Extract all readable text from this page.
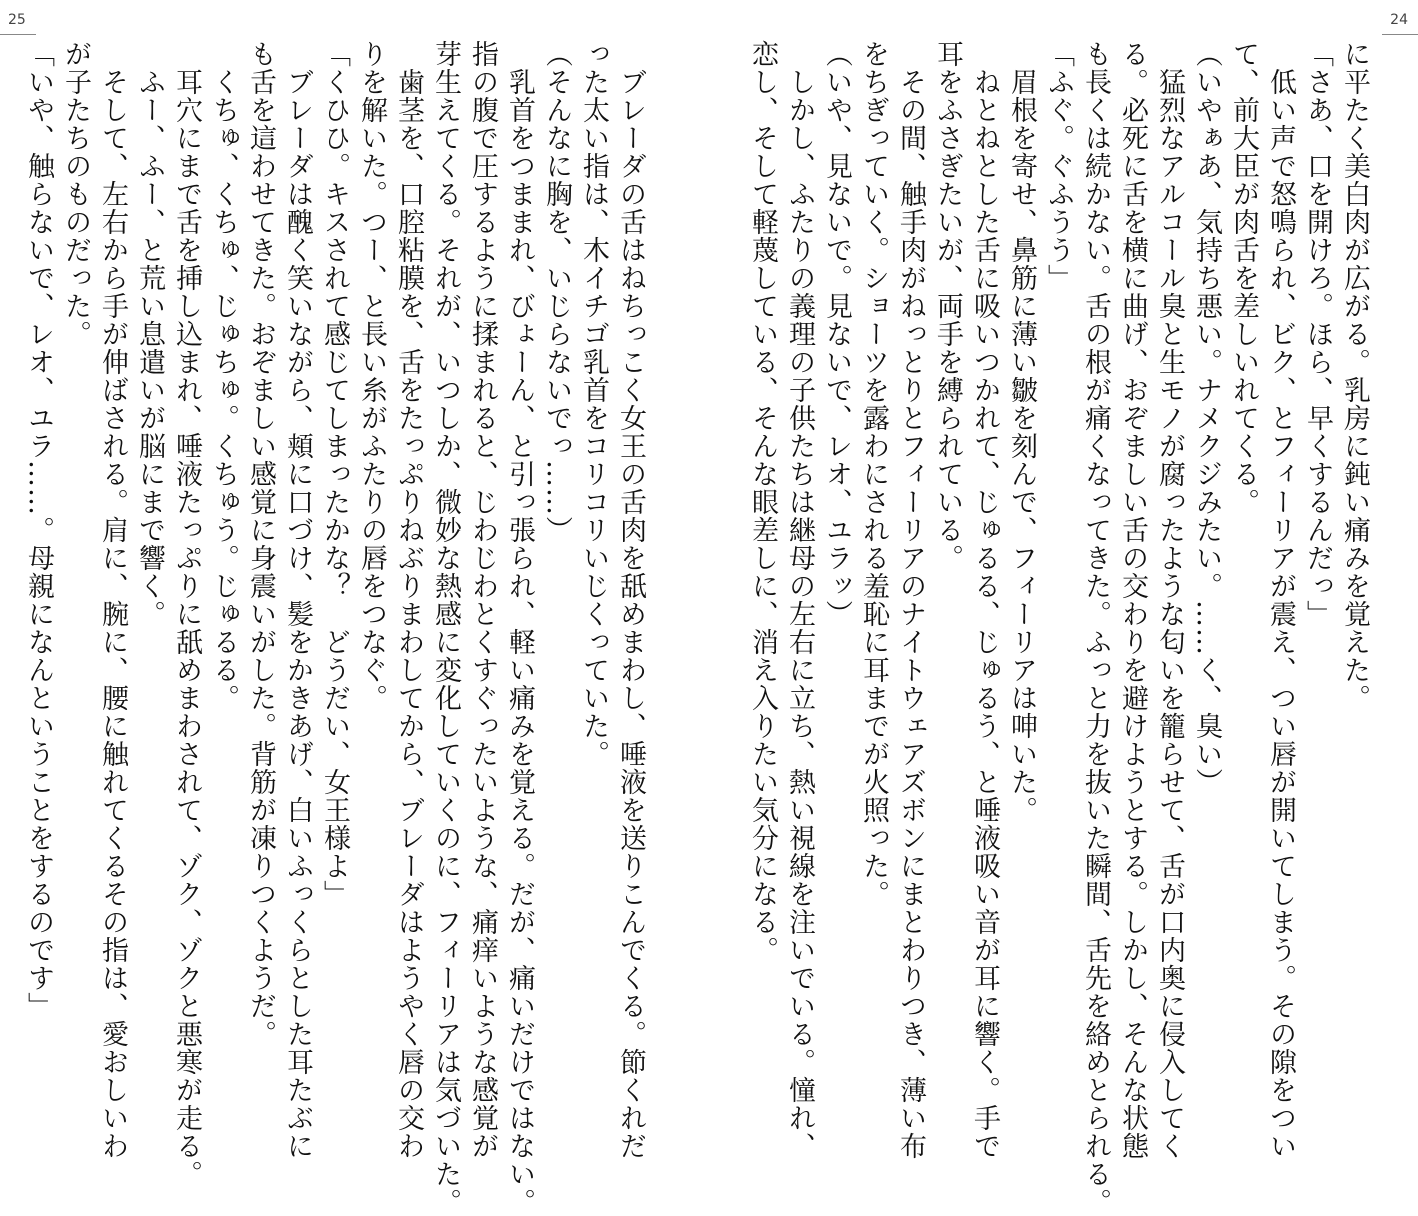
25
　ブレーダの舌はねちっこく女王の舌肉を舐めまわし、唾液を送りこんでくる。節くれだ
った太い指は、木イチゴ乳首をコリコリいじくっていた。
（そんなに胸を、いじらないでっ……）
　乳首をつままれ、びょーん、と引っ張られ、軽い痛みを覚える。だが、痛いだけではない。
指の腹で圧するように揉まれると、じわじわとくすぐったいような、痛痒いような感覚が
芽生えてくる。それが、いつしか、微妙な熱感に変化していくのに、フィーリアは気づいた。
　歯茎を、口腔粘膜を、舌をたっぷりねぶりまわしてから、ブレーダはようやく唇の交わ
りを解いた。つー、と長い糸がふたりの唇をつなぐ。
「くひひ。キスされて感じてしまったかな？　どうだい、女王様よ」
　ブレーダは醜く笑いながら、頬に口づけ、髪をかきあげ、白いふっくらとした耳たぶに
も舌を這わせてきた。おぞましい感覚に身震いがした。背筋が凍りつくようだ。
　くちゅ、くちゅ、じゅちゅ。くちゅう。じゅるる。
　耳穴にまで舌を挿し込まれ、唾液たっぷりに舐めまわされて、ゾク、ゾクと悪寒が走る。
　ふー、ふー、と荒い息遣いが脳にまで響く。
　そして、左右から手が伸ばされる。肩に、腕に、腰に触れてくるその指は、愛おしいわ
が子たちのものだった。
「いや、触らないで、レオ、ユラ……。母親になんということをするのです」
24
に平たく美白肉が広がる。乳房に鈍い痛みを覚えた。
「さあ、口を開けろ。ほら、早くするんだっ」
　低い声で怒鳴られ、ビク、とフィーリアが震え、つい唇が開いてしまう。その隙をつい
て、前大臣が肉舌を差しいれてくる。
（いやぁあ、気持ち悪い。ナメクジみたい。……く、臭い）
　猛烈なアルコール臭と生モノが腐ったような匂いを籠らせて、舌が口内奥に侵入してく
る。必死に舌を横に曲げ、おぞましい舌の交わりを避けようとする。しかし、そんな状態
も長くは続かない。舌の根が痛くなってきた。ふっと力を抜いた瞬間、舌先を絡めとられる。
「ふぐ。ぐふうう」
　眉根を寄せ、鼻筋に薄い皺を刻んで、フィーリアは呻いた。
　ねとねとした舌に吸いつかれて、じゅるる、じゅるう、と唾液吸い音が耳に響く。手で
耳をふさぎたいが、両手を縛られている。
　その間、触手肉がねっとりとフィーリアのナイトウェアズボンにまとわりつき、薄い布
をちぎっていく。ショーツを露わにされる羞恥に耳までが火照った。
（いや、見ないで。見ないで、レオ、ユラッ）
　しかし、ふたりの義理の子供たちは継母の左右に立ち、熱い視線を注いでいる。憧れ、
恋し、そして軽蔑している、そんな眼差しに、消え入りたい気分になる。
